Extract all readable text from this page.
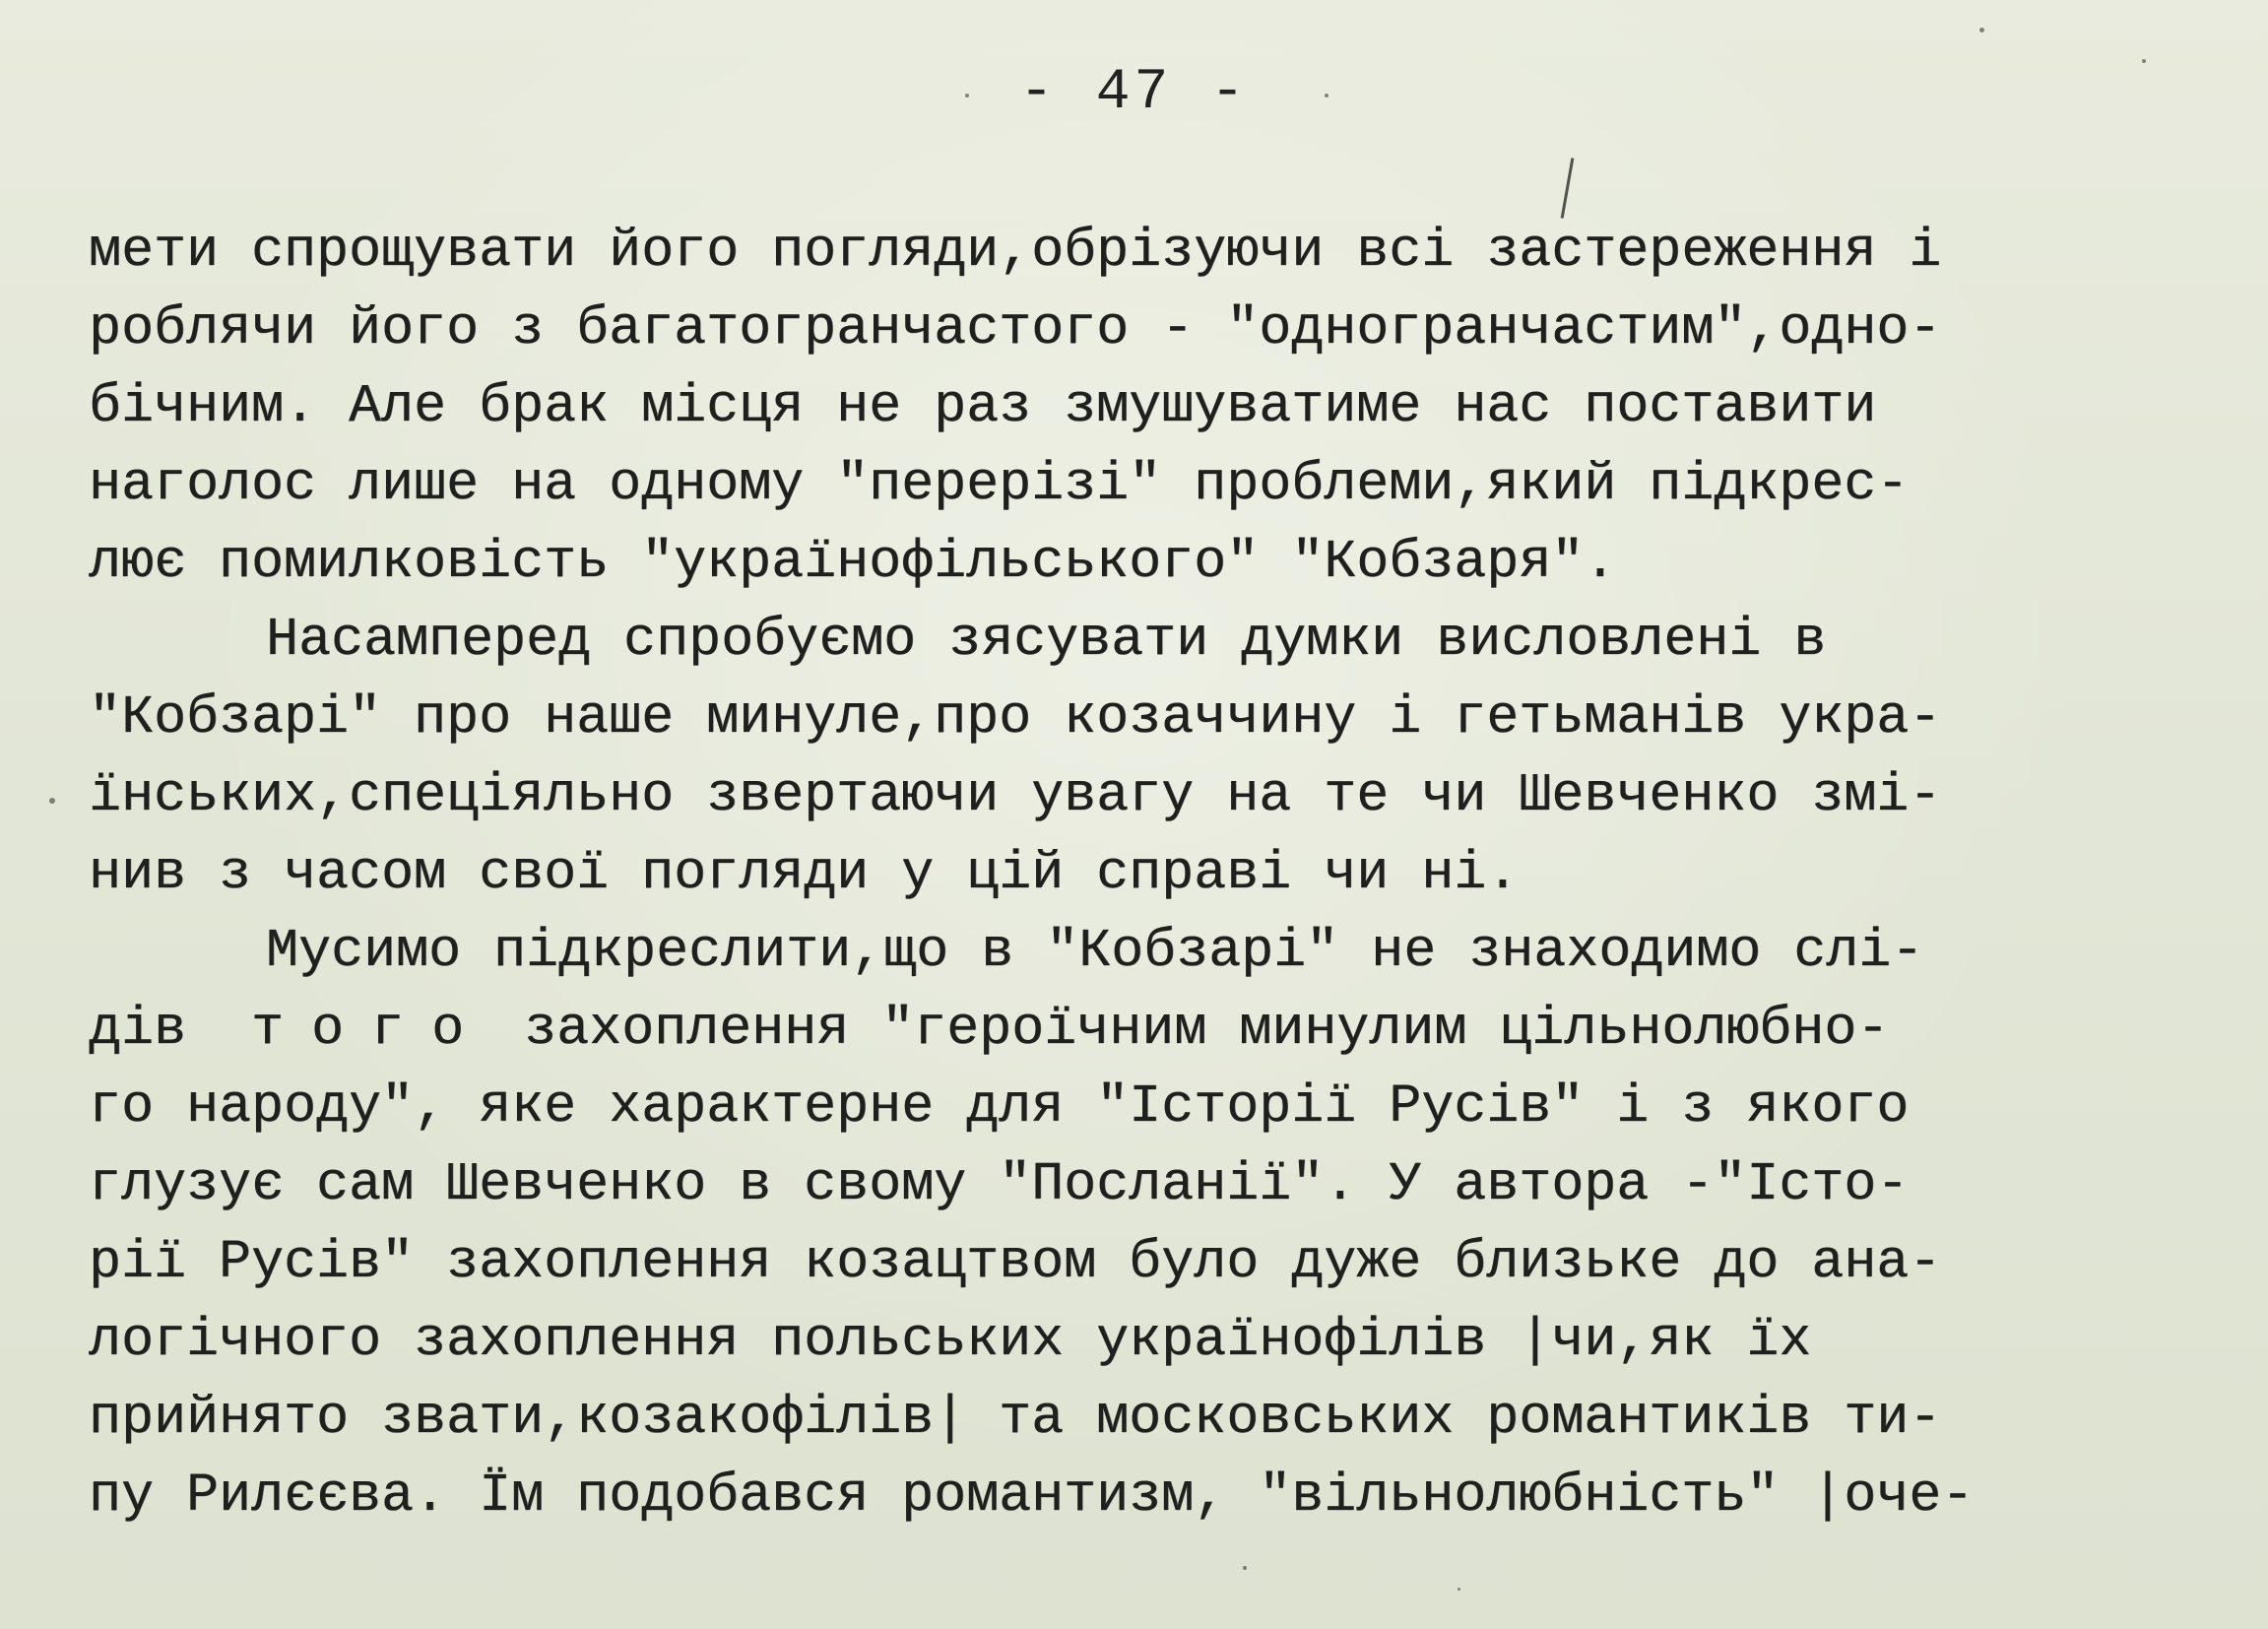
- 47 -
мети спрощувати його погляди,обрізуючи всі застереження і
роблячи його з багатогранчастого - "одногранчастим",одно-
бічним. Але брак місця не раз змушуватиме нас поставити
наголос лише на одному "перерізі" проблеми,який підкрес-
лює помилковість "українофільського" "Кобзаря".
Насамперед спробуємо зясувати думки висловлені в
"Кобзарі" про наше минуле,про козаччину і гетьманів укра-
їнських,спеціяльно звертаючи увагу на те чи Шевченко змі-
нив з часом свої погляди у цій справі чи ні.
Мусимо підкреслити,що в "Кобзарі" не знаходимо слі-
дів того захоплення "героїчним минулим цільнолюбно-
го народу", яке характерне для "Історії Русів" і з якого
глузує сам Шевченко в свому "Посланії". У автора -"Істо-
рії Русів" захоплення козацтвом було дуже близьке до ана-
логічного захоплення польських українофілів |чи,як їх
прийнято звати,козакофілів| та московських романтиків ти-
пу Рилєєва. Їм подобався романтизм, "вільнолюбність" |оче-
